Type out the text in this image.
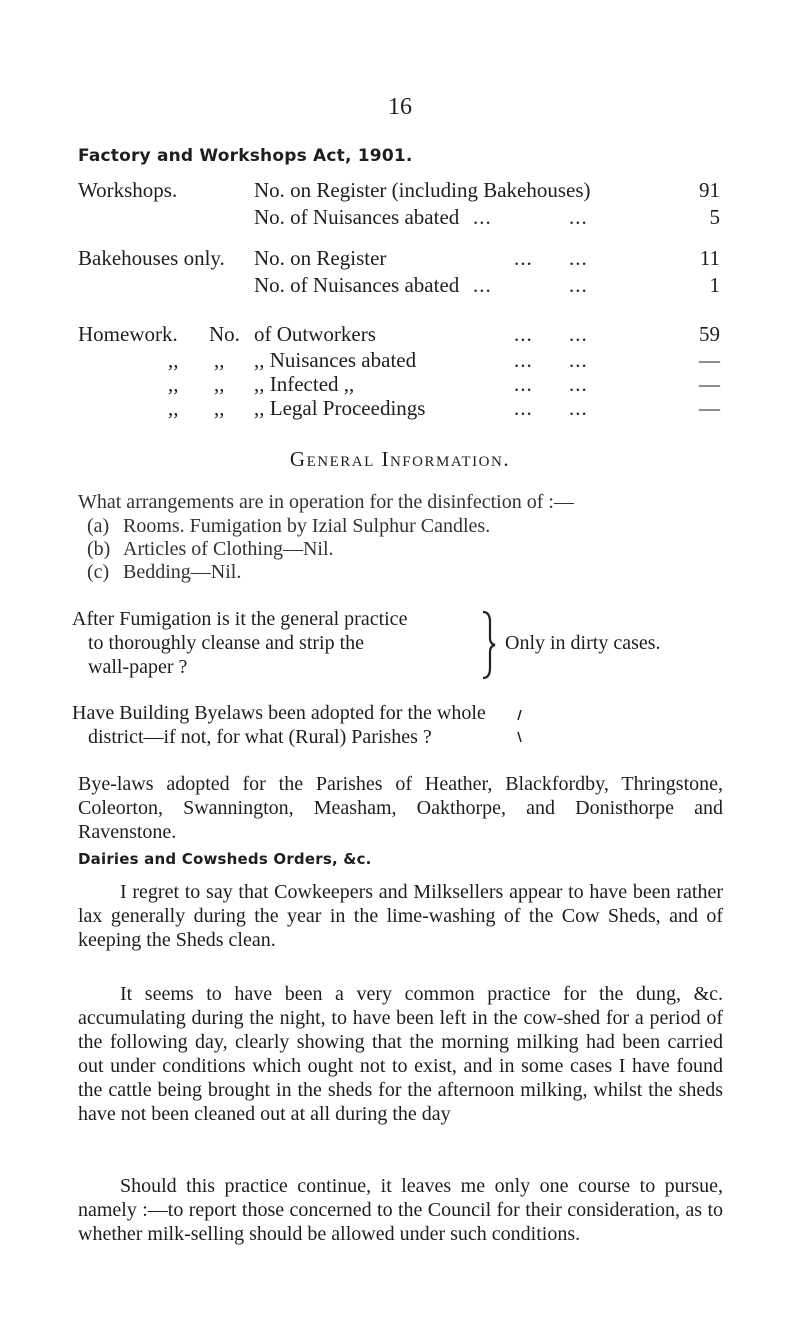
16
Factory and Workshops Act, 1901.
Workshops.	No. on Register (including Bakehouses)	91
No. of Nuisances abated ...	...	5
Bakehouses only. No. on Register	... ...	11
No. of Nuisances abated ...	...	1
Homework. No. of Outworkers	... ...	59
,, ,, ,, Nuisances abated	... ...	—
,, ,, ,, Infected ,,	... ...	—
,, ,, ,, Legal Proceedings	... ...	—
General Information.
What arrangements are in operation for the disinfection of :—
(a) Rooms. Fumigation by Izial Sulphur Candles.
(b) Articles of Clothing—Nil.
(c) Bedding—Nil.
After Fumigation is it the general practice
to thoroughly cleanse and strip the
wall-paper ?
Only in dirty cases.
Have Building Byelaws been adopted for the whole
district—if not, for what (Rural) Parishes ?
Bye-laws adopted for the Parishes of Heather, Blackfordby, Thringstone, Coleorton, Swannington, Measham, Oakthorpe, and Donisthorpe and Ravenstone.
Dairies and Cowsheds Orders, &c.
I regret to say that Cowkeepers and Milksellers appear to have been rather lax generally during the year in the lime-washing of the Cow Sheds, and of keeping the Sheds clean.
It seems to have been a very common practice for the dung, &c. accumulating during the night, to have been left in the cow-shed for a period of the following day, clearly showing that the morning milking had been carried out under conditions which ought not to exist, and in some cases I have found the cattle being brought in the sheds for the afternoon milking, whilst the sheds have not been cleaned out at all during the day
Should this practice continue, it leaves me only one course to pursue, namely :—to report those concerned to the Council for their consideration, as to whether milk-selling should be allowed under such conditions.
